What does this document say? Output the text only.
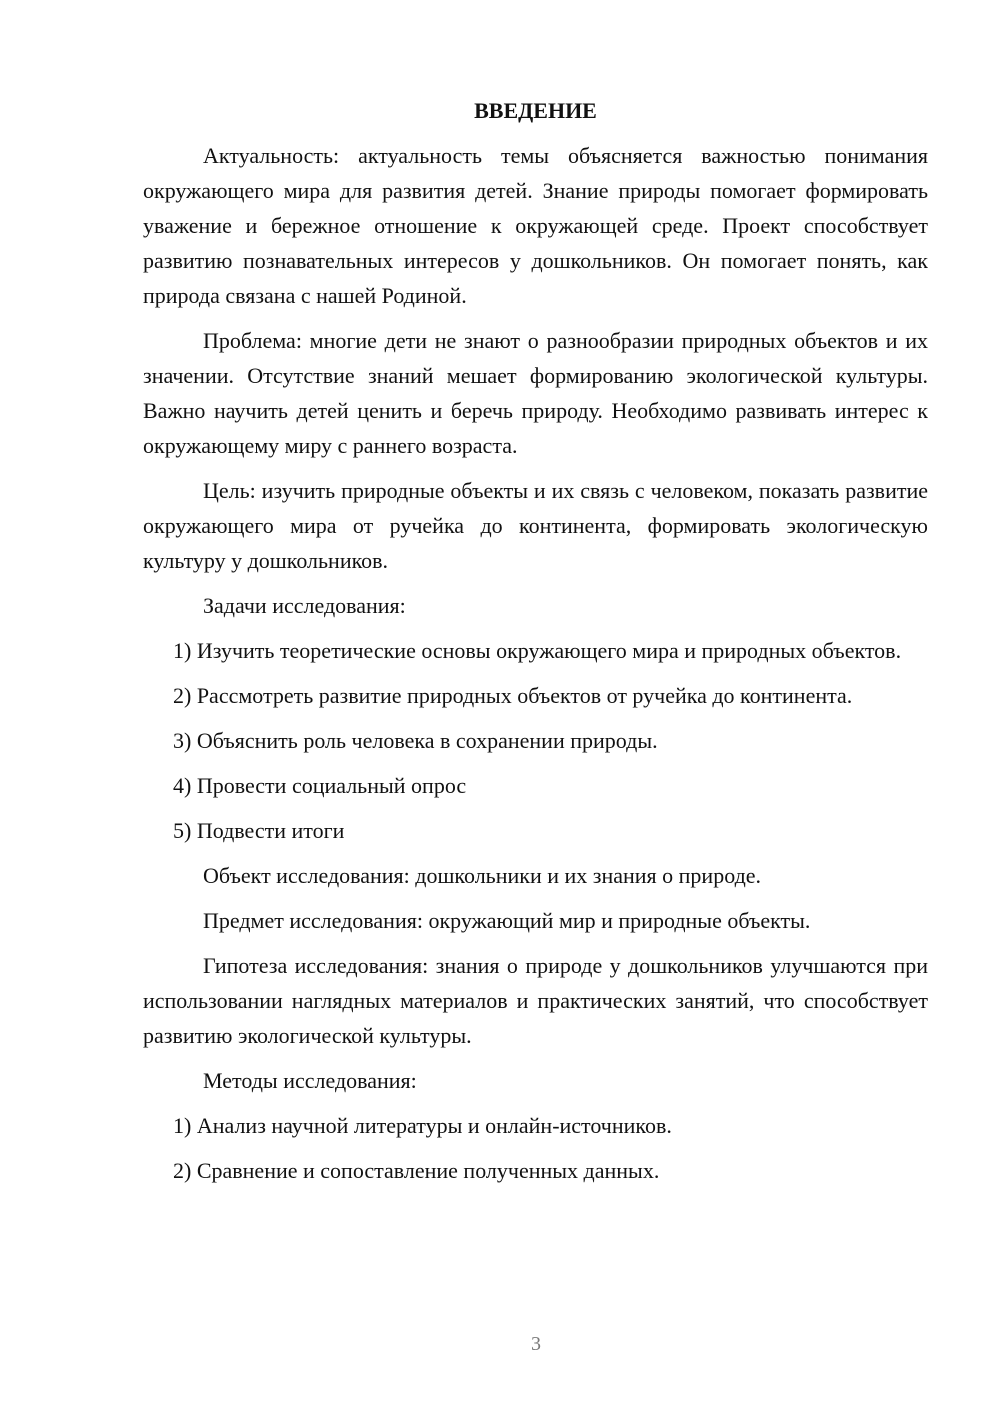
ВВЕДЕНИЕ

Актуальность: актуальность темы объясняется важностью понимания окружающего мира для развития детей. Знание природы помогает формировать уважение и бережное отношение к окружающей среде. Проект способствует развитию познавательных интересов у дошкольников. Он помогает понять, как природа связана с нашей Родиной.

Проблема: многие дети не знают о разнообразии природных объектов и их значении. Отсутствие знаний мешает формированию экологической культуры. Важно научить детей ценить и беречь природу. Необходимо развивать интерес к окружающему миру с раннего возраста.

Цель: изучить природные объекты и их связь с человеком, показать развитие окружающего мира от ручейка до континента, формировать экологическую культуру у дошкольников.

Задачи исследования:

1) Изучить теоретические основы окружающего мира и природных объектов.

2) Рассмотреть развитие природных объектов от ручейка до континента.

3) Объяснить роль человека в сохранении природы.

4) Провести социальный опрос

5) Подвести итоги

Объект исследования: дошкольники и их знания о природе.

Предмет исследования: окружающий мир и природные объекты.

Гипотеза исследования: знания о природе у дошкольников улучшаются при использовании наглядных материалов и практических занятий, что способствует развитию экологической культуры.

Методы исследования:

1) Анализ научной литературы и онлайн-источников.

2) Сравнение и сопоставление полученных данных.

3
